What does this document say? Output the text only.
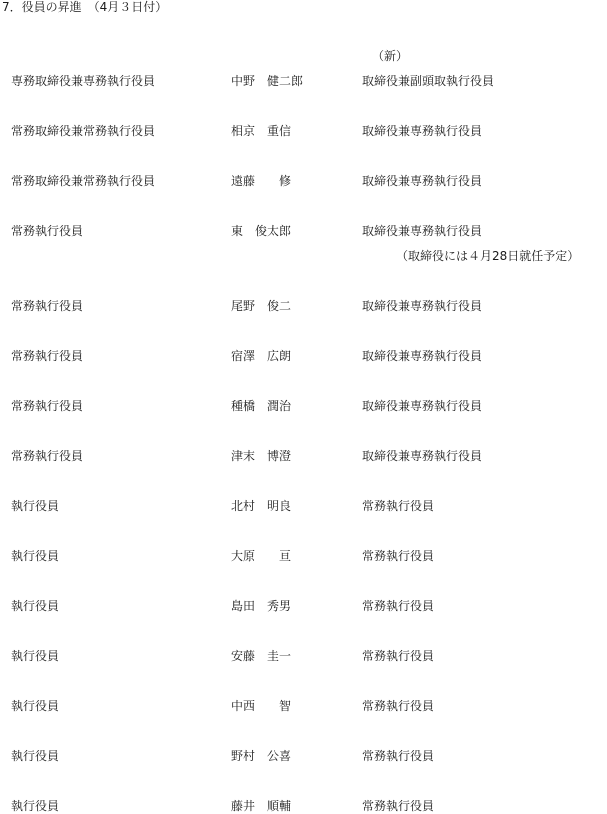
7．役員の昇進　（4月３日付）
（新）
専務取締役兼専務執行役員	中野　健二郎	取締役兼副頭取執行役員
常務取締役兼常務執行役員	相京　重信	取締役兼専務執行役員
常務取締役兼常務執行役員	遠藤　　修	取締役兼専務執行役員
常務執行役員	東　俊太郎	取締役兼専務執行役員
（取締役には４月28日就任予定）
常務執行役員	尾野　俊二	取締役兼専務執行役員
常務執行役員	宿澤　広朗	取締役兼専務執行役員
常務執行役員	種橋　潤治	取締役兼専務執行役員
常務執行役員	津末　博澄	取締役兼専務執行役員
執行役員	北村　明良	常務執行役員
執行役員	大原　　亘	常務執行役員
執行役員	島田　秀男	常務執行役員
執行役員	安藤　圭一	常務執行役員
執行役員	中西　　智	常務執行役員
執行役員	野村　公喜	常務執行役員
執行役員	藤井　順輔	常務執行役員
